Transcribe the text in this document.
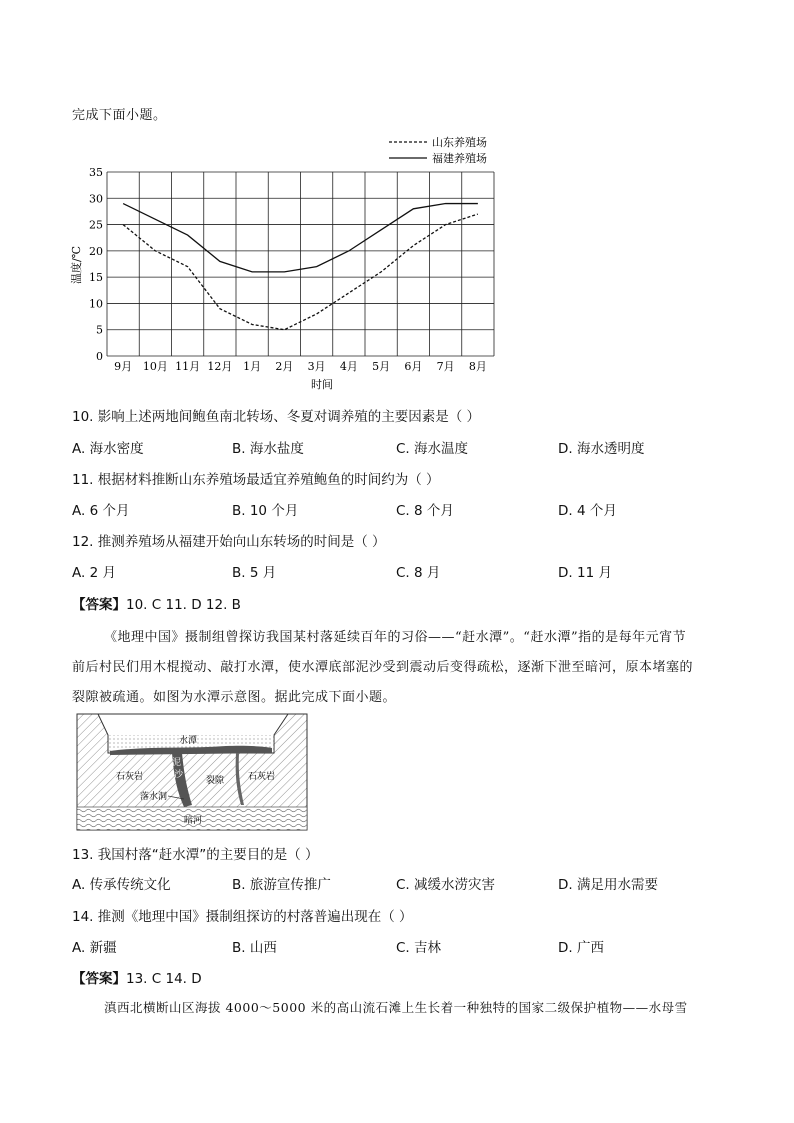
完成下面小题。
0
5
10
15
20
25
30
35
9月 10月 11月 12月 1月 2月 3月 4月 5月 6月 7月 8月
温度/℃
时间
山东养殖场
福建养殖场
10. 影响上述两地间鲍鱼南北转场、冬夏对调养殖的主要因素是（ ）
A. 海水密度	B. 海水盐度	C. 海水温度	D. 海水透明度
11. 根据材料推断山东养殖场最适宜养殖鲍鱼的时间约为（ ）
A. 6 个月	B. 10 个月	C. 8 个月	D. 4 个月
12. 推测养殖场从福建开始向山东转场的时间是（ ）
A. 2 月	B. 5 月	C. 8 月	D. 11 月
【答案】10. C 11. D 12. B
《地理中国》摄制组曾探访我国某村落延续百年的习俗——“赶水潭”。“赶水潭”指的是每年元宵节
前后村民们用木棍搅动、敲打水潭，使水潭底部泥沙受到震动后变得疏松，逐渐下泄至暗河，原本堵塞的
裂隙被疏通。如图为水潭示意图。据此完成下面小题。
水潭
泥
沙
石灰岩	石灰岩
裂隙
落水洞
暗河
13. 我国村落“赶水潭”的主要目的是（ ）
A. 传承传统文化	B. 旅游宣传推广	C. 减缓水涝灾害	D. 满足用水需要
14. 推测《地理中国》摄制组探访的村落普遍出现在（ ）
A. 新疆	B. 山西	C. 吉林	D. 广西
【答案】13. C 14. D
滇西北横断山区海拔 4000～5000 米的高山流石滩上生长着一种独特的国家二级保护植物——水母雪
